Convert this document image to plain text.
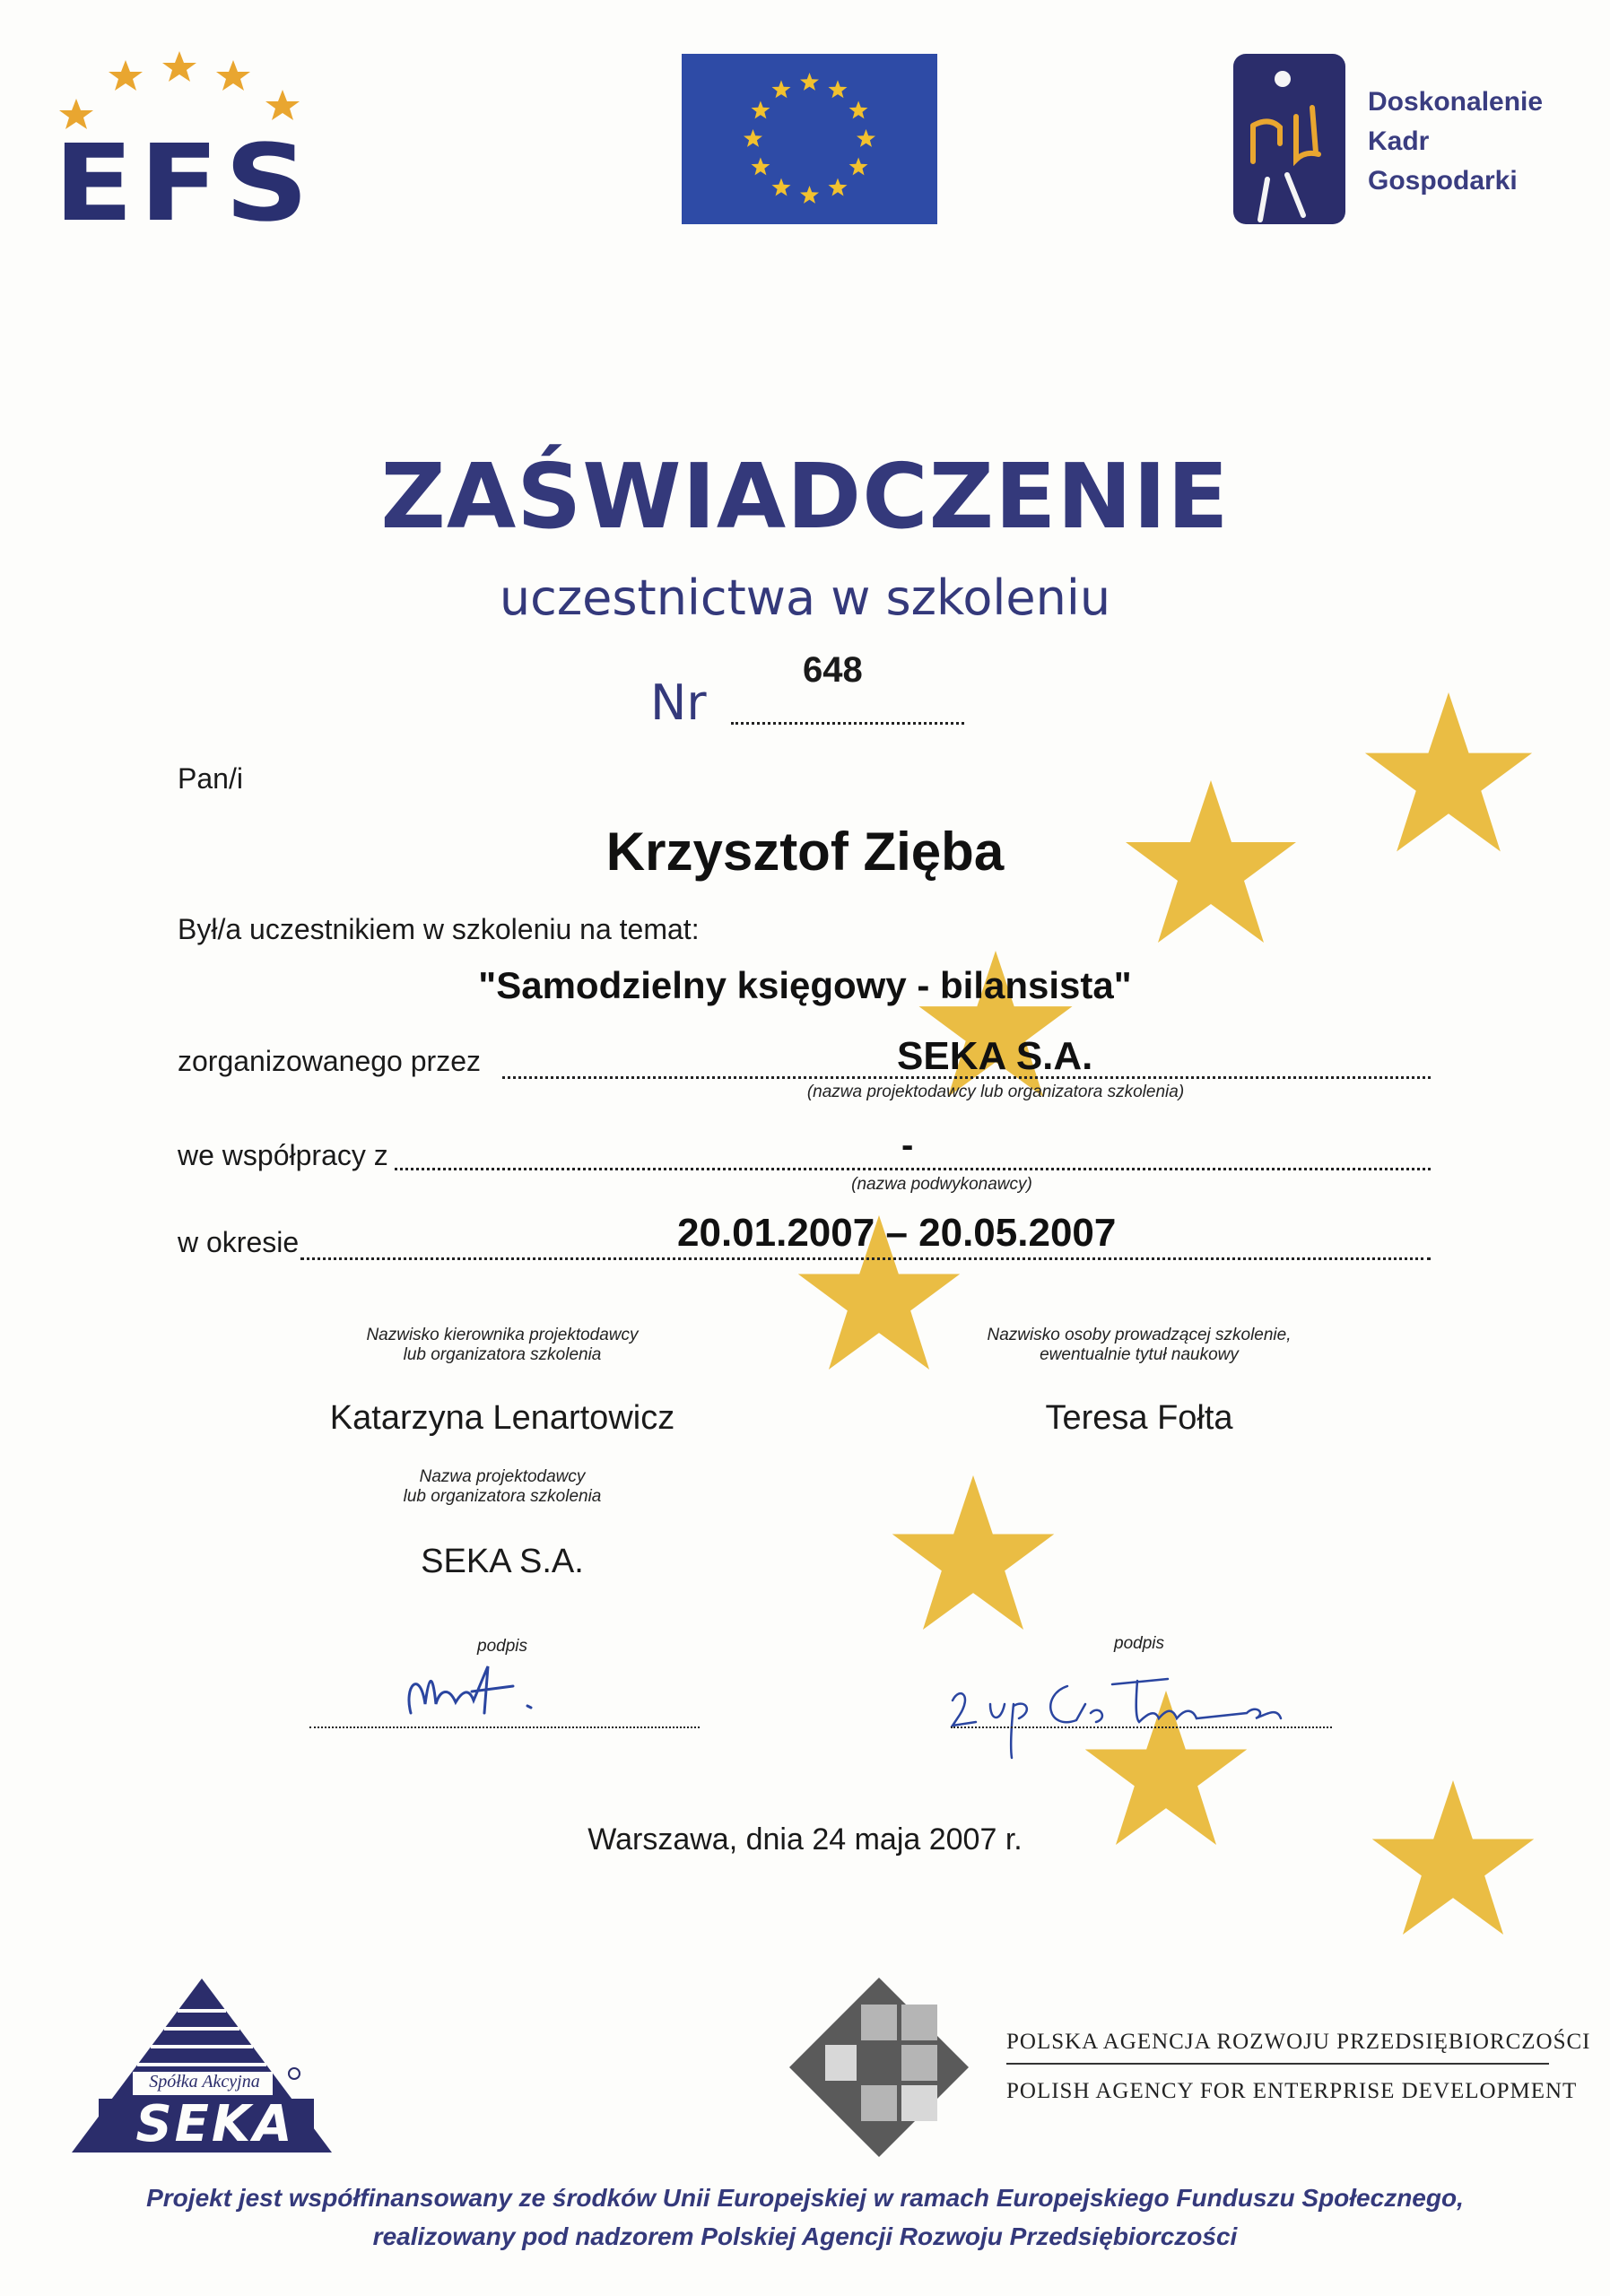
EFS
Doskonalenie
Kadr
Gospodarki
ZAŚWIADCZENIE
uczestnictwa w szkoleniu
Nr
648
Pan/i
Krzysztof Zięba
Był/a uczestnikiem w szkoleniu na temat:
"Samodzielny księgowy - bilansista"
zorganizowanego przez	SEKA S.A.
(nazwa projektodawcy lub organizatora szkolenia)
we współpracy z	-
(nazwa podwykonawcy)
w okresie	20.01.2007 – 20.05.2007
Nazwisko kierownika projektodawcy
lub organizatora szkolenia
Katarzyna Lenartowicz
Nazwisko osoby prowadzącej szkolenie,
ewentualnie tytuł naukowy
Teresa Fołta
Nazwa projektodawcy
lub organizatora szkolenia
SEKA S.A.
podpis	podpis
Warszawa, dnia 24 maja 2007 r.
Spółka Akcyjna
SEKA
POLSKA AGENCJA ROZWOJU PRZEDSIĘBIORCZOŚCI
POLISH AGENCY FOR ENTERPRISE DEVELOPMENT
Projekt jest współfinansowany ze środków Unii Europejskiej w ramach Europejskiego Funduszu Społecznego,
realizowany pod nadzorem Polskiej Agencji Rozwoju Przedsiębiorczości
